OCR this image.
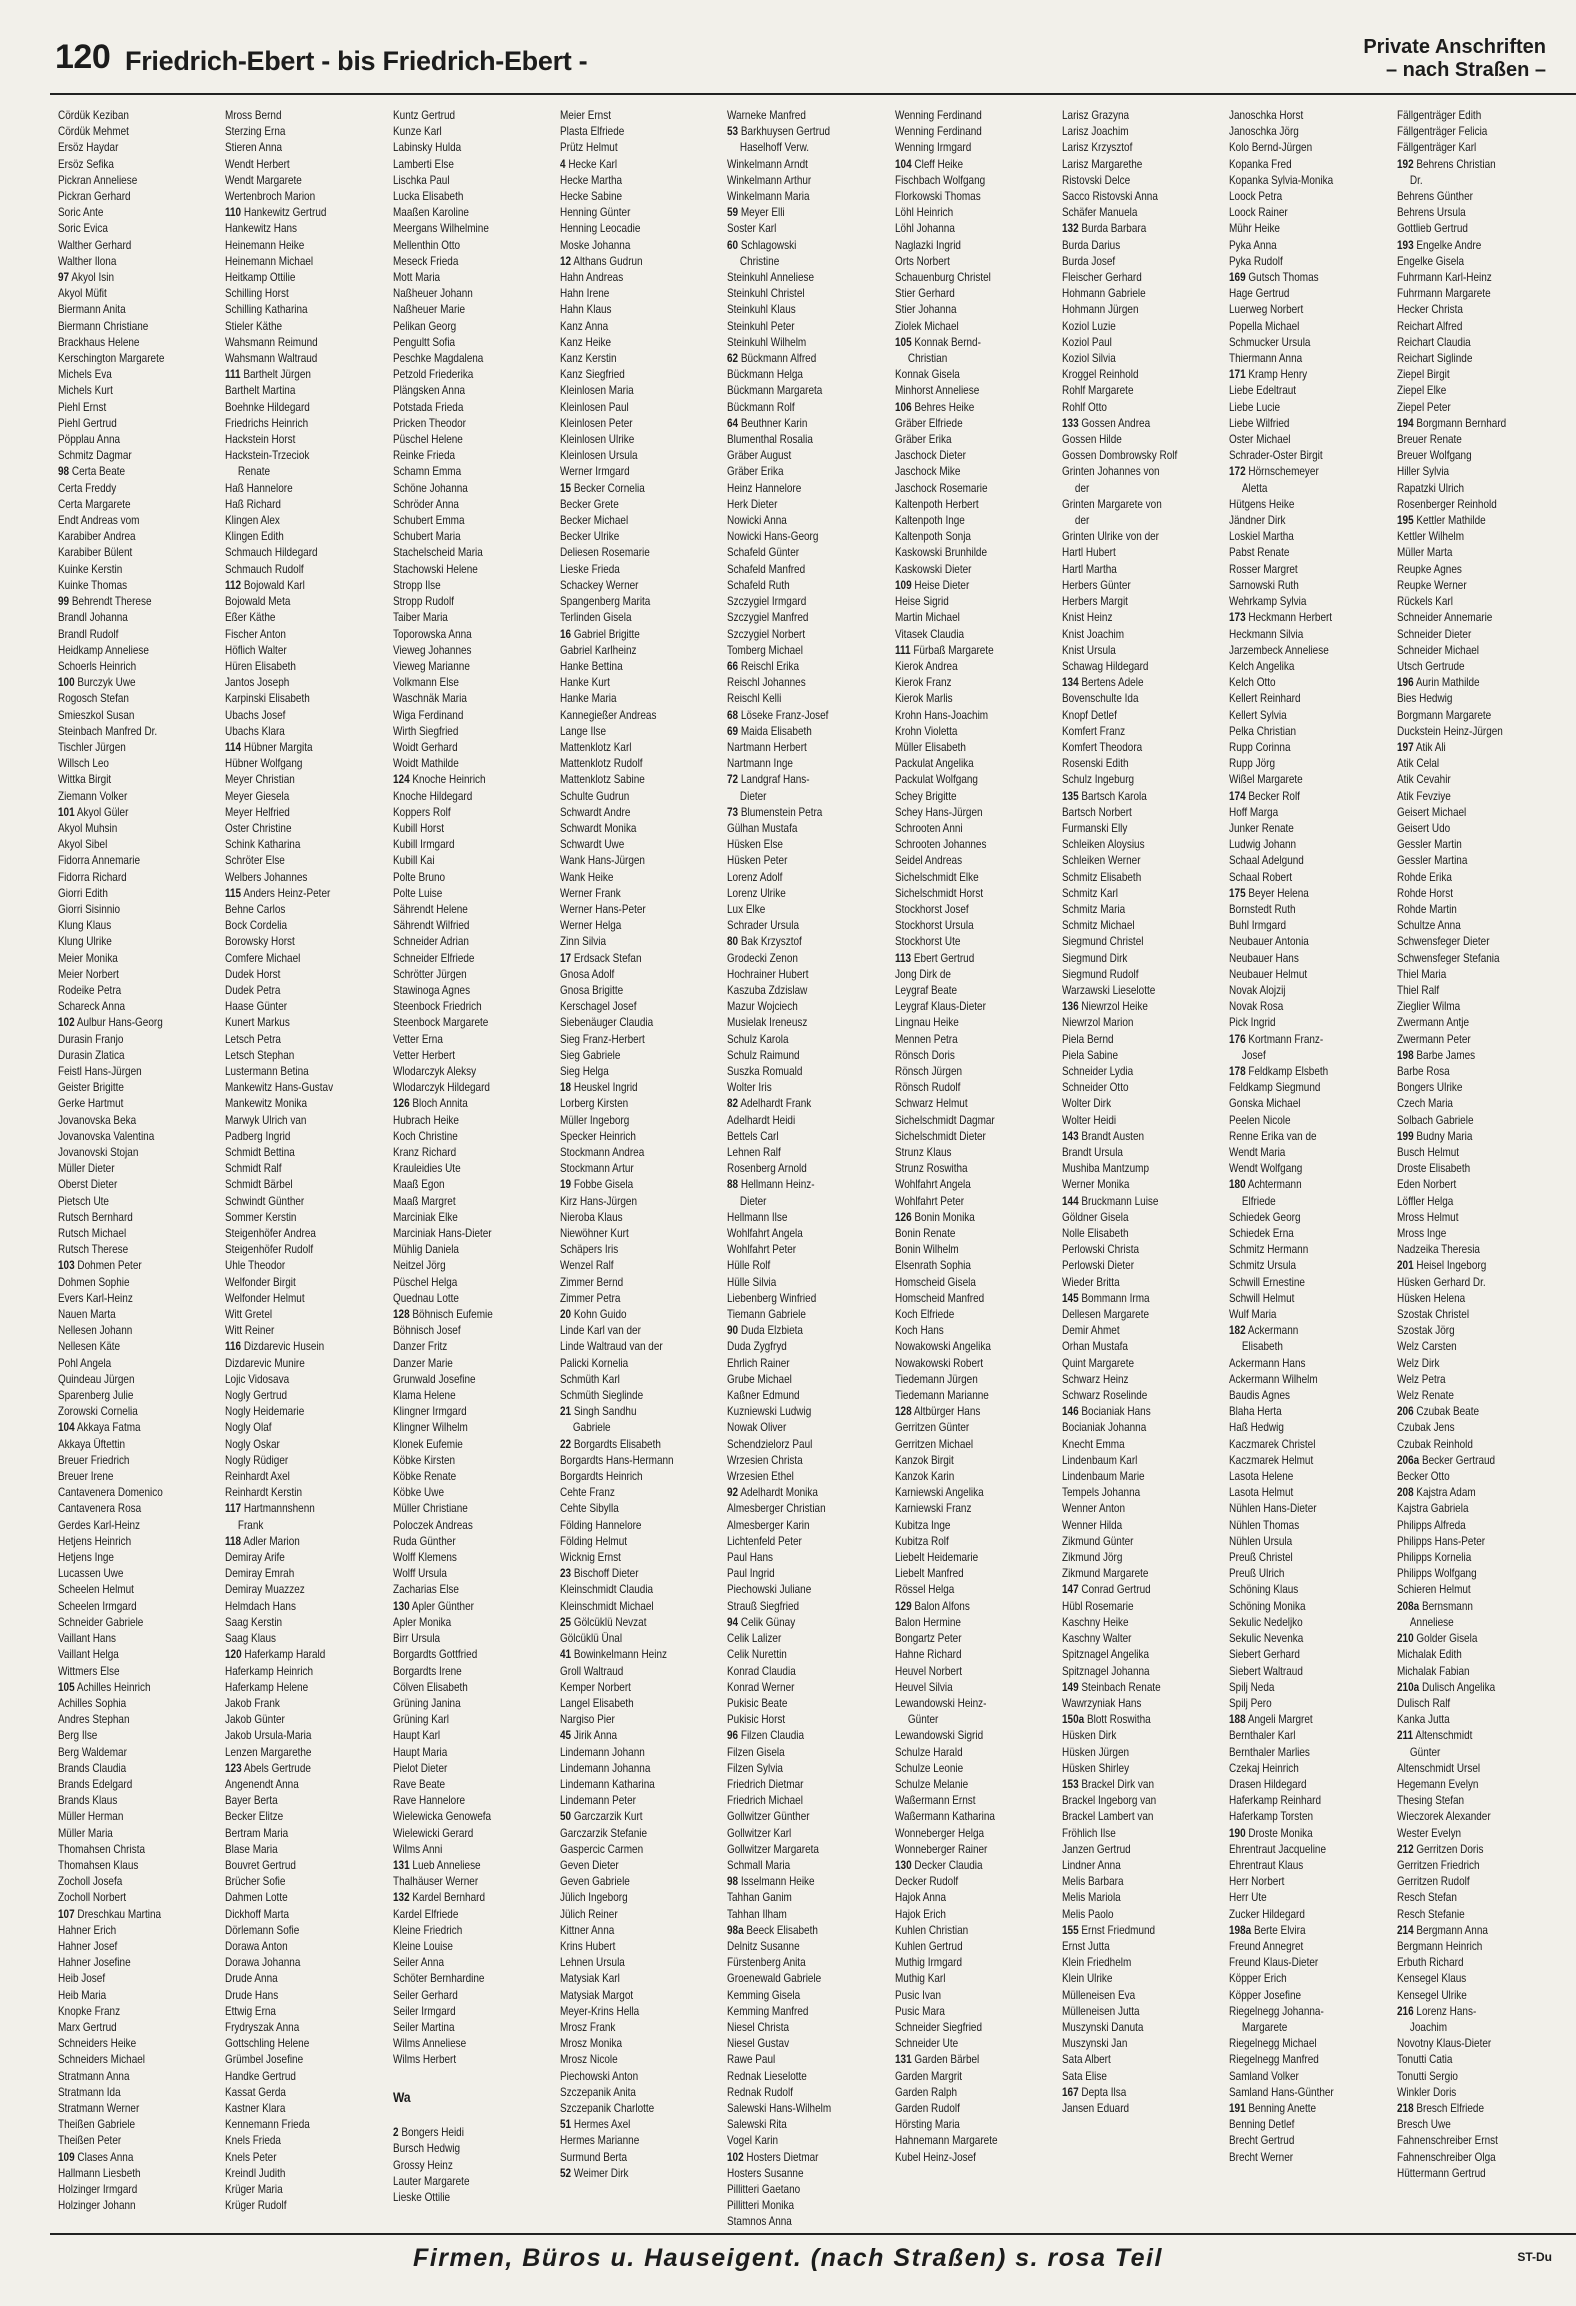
120 Friedrich-Ebert - bis Friedrich-Ebert -	Private Anschriften
– nach Straßen –
Cördük Keziban
Cördük Mehmet
Ersöz Haydar
Ersöz Sefika
Pickran Anneliese
Pickran Gerhard
Soric Ante
Soric Evica
Walther Gerhard
Walther Ilona
97 Akyol Isin
Akyol Müfit
Biermann Anita
Biermann Christiane
Brackhaus Helene
Kerschington Margarete
Michels Eva
Michels Kurt
Piehl Ernst
Piehl Gertrud
Pöpplau Anna
Schmitz Dagmar
98 Certa Beate
Certa Freddy
Certa Margarete
Endt Andreas vom
Karabiber Andrea
Karabiber Bülent
Kuinke Kerstin
Kuinke Thomas
99 Behrendt Therese
Brandl Johanna
Brandl Rudolf
Heidkamp Anneliese
Schoerls Heinrich
100 Burczyk Uwe
Rogosch Stefan
Smieszkol Susan
Steinbach Manfred Dr.
Tischler Jürgen
Willsch Leo
Wittka Birgit
Ziemann Volker
101 Akyol Güler
Akyol Muhsin
Akyol Sibel
Fidorra Annemarie
Fidorra Richard
Giorri Edith
Giorri Sisinnio
Klung Klaus
Klung Ulrike
Meier Monika
Meier Norbert
Rodeike Petra
Schareck Anna
102 Aulbur Hans-Georg
Durasin Franjo
Durasin Zlatica
Feistl Hans-Jürgen
Geister Brigitte
Gerke Hartmut
Jovanovska Beka
Jovanovska Valentina
Jovanovski Stojan
Müller Dieter
Oberst Dieter
Pietsch Ute
Rutsch Bernhard
Rutsch Michael
Rutsch Therese
103 Dohmen Peter
Dohmen Sophie
Evers Karl-Heinz
Nauen Marta
Nellesen Johann
Nellesen Käte
Pohl Angela
Quindeau Jürgen
Sparenberg Julie
Zorowski Cornelia
104 Akkaya Fatma
Akkaya Üftettin
Breuer Friedrich
Breuer Irene
Cantavenera Domenico
Cantavenera Rosa
Gerdes Karl-Heinz
Hetjens Heinrich
Hetjens Inge
Lucassen Uwe
Scheelen Helmut
Scheelen Irmgard
Schneider Gabriele
Vaillant Hans
Vaillant Helga
Wittmers Else
105 Achilles Heinrich
Achilles Sophia
Andres Stephan
Berg Ilse
Berg Waldemar
Brands Claudia
Brands Edelgard
Brands Klaus
Müller Herman
Müller Maria
Thomahsen Christa
Thomahsen Klaus
Zocholl Josefa
Zocholl Norbert
107 Dreschkau Martina
Hahner Erich
Hahner Josef
Hahner Josefine
Heib Josef
Heib Maria
Knopke Franz
Marx Gertrud
Schneiders Heike
Schneiders Michael
Stratmann Anna
Stratmann Ida
Stratmann Werner
Theißen Gabriele
Theißen Peter
109 Clases Anna
Hallmann Liesbeth
Holzinger Irmgard
Holzinger Johann
Mross Bernd
Sterzing Erna
Stieren Anna
Wendt Herbert
Wendt Margarete
Wertenbroch Marion
110 Hankewitz Gertrud
Hankewitz Hans
Heinemann Heike
Heinemann Michael
Heitkamp Ottilie
Schilling Horst
Schilling Katharina
Stieler Käthe
Wahsmann Reimund
Wahsmann Waltraud
111 Barthelt Jürgen
Barthelt Martina
Boehnke Hildegard
Friedrichs Heinrich
Hackstein Horst
Hackstein-Trzeciok
Renate
Haß Hannelore
Haß Richard
Klingen Alex
Klingen Edith
Schmauch Hildegard
Schmauch Rudolf
112 Bojowald Karl
Bojowald Meta
Eßer Käthe
Fischer Anton
Höflich Walter
Hüren Elisabeth
Jantos Joseph
Karpinski Elisabeth
Ubachs Josef
Ubachs Klara
114 Hübner Margita
Hübner Wolfgang
Meyer Christian
Meyer Giesela
Meyer Helfried
Oster Christine
Schink Katharina
Schröter Else
Welbers Johannes
115 Anders Heinz-Peter
Behne Carlos
Bock Cordelia
Borowsky Horst
Comfere Michael
Dudek Horst
Dudek Petra
Haase Günter
Kunert Markus
Letsch Petra
Letsch Stephan
Lustermann Betina
Mankewitz Hans-Gustav
Mankewitz Monika
Marwyk Ulrich van
Padberg Ingrid
Schmidt Bettina
Schmidt Ralf
Schmidt Bärbel
Schwindt Günther
Sommer Kerstin
Steigenhöfer Andrea
Steigenhöfer Rudolf
Uhle Theodor
Welfonder Birgit
Welfonder Helmut
Witt Gretel
Witt Reiner
116 Dizdarevic Husein
Dizdarevic Munire
Lojic Vidosava
Nogly Gertrud
Nogly Heidemarie
Nogly Olaf
Nogly Oskar
Nogly Rüdiger
Reinhardt Axel
Reinhardt Kerstin
117 Hartmannshenn
Frank
118 Adler Marion
Demiray Arife
Demiray Emrah
Demiray Muazzez
Helmdach Hans
Saag Kerstin
Saag Klaus
120 Haferkamp Harald
Haferkamp Heinrich
Haferkamp Helene
Jakob Frank
Jakob Günter
Jakob Ursula-Maria
Lenzen Margarethe
123 Abels Gertrude
Angenendt Anna
Bayer Berta
Becker Elitze
Bertram Maria
Blase Maria
Bouvret Gertrud
Brücher Sofie
Dahmen Lotte
Dickhoff Marta
Dörlemann Sofie
Dorawa Anton
Dorawa Johanna
Drude Anna
Drude Hans
Ettwig Erna
Frydryszak Anna
Gottschling Helene
Grümbel Josefine
Handke Gertrud
Kassat Gerda
Kastner Klara
Kennemann Frieda
Knels Frieda
Knels Peter
Kreindl Judith
Krüger Maria
Krüger Rudolf
Kuntz Gertrud
Kunze Karl
Labinsky Hulda
Lamberti Else
Lischka Paul
Lucka Elisabeth
Maaßen Karoline
Meergans Wilhelmine
Mellenthin Otto
Meseck Frieda
Mott Maria
Naßheuer Johann
Naßheuer Marie
Pelikan Georg
Pengultt Sofia
Peschke Magdalena
Petzold Friederika
Plängsken Anna
Potstada Frieda
Pricken Theodor
Püschel Helene
Reinke Frieda
Schamn Emma
Schöne Johanna
Schröder Anna
Schubert Emma
Schubert Maria
Stachelscheid Maria
Stachowski Helene
Stropp Ilse
Stropp Rudolf
Taiber Maria
Toporowska Anna
Vieweg Johannes
Vieweg Marianne
Volkmann Else
Waschnäk Maria
Wiga Ferdinand
Wirth Siegfried
Woidt Gerhard
Woidt Mathilde
124 Knoche Heinrich
Knoche Hildegard
Koppers Rolf
Kubill Horst
Kubill Irmgard
Kubill Kai
Polte Bruno
Polte Luise
Sährendt Helene
Sährendt Wilfried
Schneider Adrian
Schneider Elfriede
Schrötter Jürgen
Stawinoga Agnes
Steenbock Friedrich
Steenbock Margarete
Vetter Erna
Vetter Herbert
Wlodarczyk Aleksy
Wlodarczyk Hildegard
126 Bloch Annita
Hubrach Heike
Koch Christine
Kranz Richard
Krauleidies Ute
Maaß Egon
Maaß Margret
Marciniak Elke
Marciniak Hans-Dieter
Mühlig Daniela
Neitzel Jörg
Püschel Helga
Quednau Lotte
128 Böhnisch Eufemie
Böhnisch Josef
Danzer Fritz
Danzer Marie
Grunwald Josefine
Klama Helene
Klingner Irmgard
Klingner Wilhelm
Klonek Eufemie
Köbke Kirsten
Köbke Renate
Köbke Uwe
Müller Christiane
Poloczek Andreas
Ruda Günther
Wolff Klemens
Wolff Ursula
Zacharias Else
130 Apler Günther
Apler Monika
Birr Ursula
Borgardts Gottfried
Borgardts Irene
Cölven Elisabeth
Grüning Janina
Grüning Karl
Haupt Karl
Haupt Maria
Pielot Dieter
Rave Beate
Rave Hannelore
Wielewicka Genowefa
Wielewicki Gerard
Wilms Anni
131 Lueb Anneliese
Thalhäuser Werner
132 Kardel Bernhard
Kardel Elfriede
Kleine Friedrich
Kleine Louise
Seiler Anna
Schöter Bernhardine
Seiler Gerhard
Seiler Irmgard
Seiler Martina
Wilms Anneliese
Wilms Herbert

Wa

2 Bongers Heidi
Bursch Hedwig
Grossy Heinz
Lauter Margarete
Lieske Ottilie
Meier Ernst
Plasta Elfriede
Prütz Helmut
4 Hecke Karl
Hecke Martha
Hecke Sabine
Henning Günter
Henning Leocadie
Moske Johanna
12 Althans Gudrun
Hahn Andreas
Hahn Irene
Hahn Klaus
Kanz Anna
Kanz Heike
Kanz Kerstin
Kanz Siegfried
Kleinlosen Maria
Kleinlosen Paul
Kleinlosen Peter
Kleinlosen Ulrike
Kleinlosen Ursula
Werner Irmgard
15 Becker Cornelia
Becker Grete
Becker Michael
Becker Ulrike
Deliesen Rosemarie
Lieske Frieda
Schackey Werner
Spangenberg Marita
Terlinden Gisela
16 Gabriel Brigitte
Gabriel Karlheinz
Hanke Bettina
Hanke Kurt
Hanke Maria
Kannegießer Andreas
Lange Ilse
Mattenklotz Karl
Mattenklotz Rudolf
Mattenklotz Sabine
Schulte Gudrun
Schwardt Andre
Schwardt Monika
Schwardt Uwe
Wank Hans-Jürgen
Wank Heike
Werner Frank
Werner Hans-Peter
Werner Helga
Zinn Silvia
17 Erdsack Stefan
Gnosa Adolf
Gnosa Brigitte
Kerschagel Josef
Siebenäuger Claudia
Sieg Franz-Herbert
Sieg Gabriele
Sieg Helga
18 Heuskel Ingrid
Lorberg Kirsten
Müller Ingeborg
Specker Heinrich
Stockmann Andrea
Stockmann Artur
19 Fobbe Gisela
Kirz Hans-Jürgen
Nieroba Klaus
Niewöhner Kurt
Schäpers Iris
Wenzel Ralf
Zimmer Bernd
Zimmer Petra
20 Kohn Guido
Linde Karl van der
Linde Waltraud van der
Palicki Kornelia
Schmüth Karl
Schmüth Sieglinde
21 Singh Sandhu
Gabriele
22 Borgardts Elisabeth
Borgardts Hans-Hermann
Borgardts Heinrich
Cehte Franz
Cehte Sibylla
Földing Hannelore
Földing Helmut
Wicknig Ernst
23 Bischoff Dieter
Kleinschmidt Claudia
Kleinschmidt Michael
25 Gölcüklü Nevzat
Gölcüklü Ünal
41 Bowinkelmann Heinz
Groll Waltraud
Kemper Norbert
Langel Elisabeth
Nargiso Pier
45 Jirik Anna
Lindemann Johann
Lindemann Johanna
Lindemann Katharina
Lindemann Peter
50 Garczarzik Kurt
Garczarzik Stefanie
Gaspercic Carmen
Geven Dieter
Geven Gabriele
Jülich Ingeborg
Jülich Reiner
Kittner Anna
Krins Hubert
Lehnen Ursula
Matysiak Karl
Matysiak Margot
Meyer-Krins Hella
Mrosz Frank
Mrosz Monika
Mrosz Nicole
Piechowski Anton
Szczepanik Anita
Szczepanik Charlotte
51 Hermes Axel
Hermes Marianne
Surmund Berta
52 Weimer Dirk
Warneke Manfred
53 Barkhuysen Gertrud
Haselhoff Verw.
Winkelmann Arndt
Winkelmann Arthur
Winkelmann Maria
59 Meyer Elli
Soster Karl
60 Schlagowski
Christine
Steinkuhl Anneliese
Steinkuhl Christel
Steinkuhl Klaus
Steinkuhl Peter
Steinkuhl Wilhelm
62 Bückmann Alfred
Bückmann Helga
Bückmann Margareta
Bückmann Rolf
64 Beuthner Karin
Blumenthal Rosalia
Gräber August
Gräber Erika
Heinz Hannelore
Herk Dieter
Nowicki Anna
Nowicki Hans-Georg
Schafeld Günter
Schafeld Manfred
Schafeld Ruth
Szczygiel Irmgard
Szczygiel Manfred
Szczygiel Norbert
Tomberg Michael
66 Reischl Erika
Reischl Johannes
Reischl Kelli
68 Löseke Franz-Josef
69 Maida Elisabeth
Nartmann Herbert
Nartmann Inge
72 Landgraf Hans-
Dieter
73 Blumenstein Petra
Gülhan Mustafa
Hüsken Else
Hüsken Peter
Lorenz Adolf
Lorenz Ulrike
Lux Elke
Schrader Ursula
80 Bak Krzysztof
Grodecki Zenon
Hochrainer Hubert
Kaszuba Zdzislaw
Mazur Wojciech
Musielak Ireneusz
Schulz Karola
Schulz Raimund
Suszka Romuald
Wolter Iris
82 Adelhardt Frank
Adelhardt Heidi
Bettels Carl
Lehnen Ralf
Rosenberg Arnold
88 Hellmann Heinz-
Dieter
Hellmann Ilse
Wohlfahrt Angela
Wohlfahrt Peter
Hülle Rolf
Hülle Silvia
Liebenberg Winfried
Tiemann Gabriele
90 Duda Elzbieta
Duda Zygfryd
Ehrlich Rainer
Grube Michael
Kaßner Edmund
Kuzniewski Ludwig
Nowak Oliver
Schendzielorz Paul
Wrzesien Christa
Wrzesien Ethel
92 Adelhardt Monika
Almesberger Christian
Almesberger Karin
Lichtenfeld Peter
Paul Hans
Paul Ingrid
Piechowski Juliane
Strauß Siegfried
94 Celik Günay
Celik Lalizer
Celik Nurettin
Konrad Claudia
Konrad Werner
Pukisic Beate
Pukisic Horst
96 Filzen Claudia
Filzen Gisela
Filzen Sylvia
Friedrich Dietmar
Friedrich Michael
Gollwitzer Günther
Gollwitzer Karl
Gollwitzer Margareta
Schmall Maria
98 Isselmann Heike
Tahhan Ganim
Tahhan Ilham
98a Beeck Elisabeth
Delnitz Susanne
Fürstenberg Anita
Groenewald Gabriele
Kemming Gisela
Kemming Manfred
Niesel Christa
Niesel Gustav
Rawe Paul
Rednak Lieselotte
Rednak Rudolf
Salewski Hans-Wilhelm
Salewski Rita
Vogel Karin
102 Hosters Dietmar
Hosters Susanne
Pillitteri Gaetano
Pillitteri Monika
Stamnos Anna
Wenning Ferdinand
Wenning Ferdinand
Wenning Irmgard
104 Cleff Heike
Fischbach Wolfgang
Florkowski Thomas
Löhl Heinrich
Löhl Johanna
Naglazki Ingrid
Orts Norbert
Schauenburg Christel
Stier Gerhard
Stier Johanna
Ziolek Michael
105 Konnak Bernd-
Christian
Konnak Gisela
Minhorst Anneliese
106 Behres Heike
Gräber Elfriede
Gräber Erika
Jaschock Dieter
Jaschock Mike
Jaschock Rosemarie
Kaltenpoth Herbert
Kaltenpoth Inge
Kaltenpoth Sonja
Kaskowski Brunhilde
Kaskowski Dieter
109 Heise Dieter
Heise Sigrid
Martin Michael
Vitasek Claudia
111 Fürbaß Margarete
Kierok Andrea
Kierok Franz
Kierok Marlis
Krohn Hans-Joachim
Krohn Violetta
Müller Elisabeth
Packulat Angelika
Packulat Wolfgang
Schey Brigitte
Schey Hans-Jürgen
Schrooten Anni
Schrooten Johannes
Seidel Andreas
Sichelschmidt Elke
Sichelschmidt Horst
Stockhorst Josef
Stockhorst Ursula
Stockhorst Ute
113 Ebert Gertrud
Jong Dirk de
Leygraf Beate
Leygraf Klaus-Dieter
Lingnau Heike
Mennen Petra
Rönsch Doris
Rönsch Jürgen
Rönsch Rudolf
Schwarz Helmut
Sichelschmidt Dagmar
Sichelschmidt Dieter
Strunz Klaus
Strunz Roswitha
Wohlfahrt Angela
Wohlfahrt Peter
126 Bonin Monika
Bonin Renate
Bonin Wilhelm
Elsenrath Sophia
Homscheid Gisela
Homscheid Manfred
Koch Elfriede
Koch Hans
Nowakowski Angelika
Nowakowski Robert
Tiedemann Jürgen
Tiedemann Marianne
128 Altbürger Hans
Gerritzen Günter
Gerritzen Michael
Kanzok Birgit
Kanzok Karin
Karniewski Angelika
Karniewski Franz
Kubitza Inge
Kubitza Rolf
Liebelt Heidemarie
Liebelt Manfred
Rössel Helga
129 Balon Alfons
Balon Hermine
Bongartz Peter
Hahne Richard
Heuvel Norbert
Heuvel Silvia
Lewandowski Heinz-
Günter
Lewandowski Sigrid
Schulze Harald
Schulze Leonie
Schulze Melanie
Waßermann Ernst
Waßermann Katharina
Wonneberger Helga
Wonneberger Rainer
130 Decker Claudia
Decker Rudolf
Hajok Anna
Hajok Erich
Kuhlen Christian
Kuhlen Gertrud
Muthig Irmgard
Muthig Karl
Pusic Ivan
Pusic Mara
Schneider Siegfried
Schneider Ute
131 Garden Bärbel
Garden Margrit
Garden Ralph
Garden Rudolf
Hörsting Maria
Hahnemann Margarete
Kubel Heinz-Josef
Larisz Grazyna
Larisz Joachim
Larisz Krzysztof
Larisz Margarethe
Ristovski Delce
Sacco Ristovski Anna
Schäfer Manuela
132 Burda Barbara
Burda Darius
Burda Josef
Fleischer Gerhard
Hohmann Gabriele
Hohmann Jürgen
Koziol Luzie
Koziol Paul
Koziol Silvia
Kroggel Reinhold
Rohlf Margarete
Rohlf Otto
133 Gossen Andrea
Gossen Hilde
Gossen Dombrowsky Rolf
Grinten Johannes von
der
Grinten Margarete von
der
Grinten Ulrike von der
Hartl Hubert
Hartl Martha
Herbers Günter
Herbers Margit
Knist Heinz
Knist Joachim
Knist Ursula
Schawag Hildegard
134 Bertens Adele
Bovenschulte Ida
Knopf Detlef
Komfert Franz
Komfert Theodora
Rosenski Edith
Schulz Ingeburg
135 Bartsch Karola
Bartsch Norbert
Furmanski Elly
Schleiken Aloysius
Schleiken Werner
Schmitz Elisabeth
Schmitz Karl
Schmitz Maria
Schmitz Michael
Siegmund Christel
Siegmund Dirk
Siegmund Rudolf
Warzawski Lieselotte
136 Niewrzol Heike
Niewrzol Marion
Piela Bernd
Piela Sabine
Schneider Lydia
Schneider Otto
Wolter Dirk
Wolter Heidi
143 Brandt Austen
Brandt Ursula
Mushiba Mantzump
Werner Monika
144 Bruckmann Luise
Göldner Gisela
Nolle Elisabeth
Perlowski Christa
Perlowski Dieter
Wieder Britta
145 Bommann Irma
Dellesen Margarete
Demir Ahmet
Orhan Mustafa
Quint Margarete
Schwarz Heinz
Schwarz Roselinde
146 Bocianiak Hans
Bocianiak Johanna
Knecht Emma
Lindenbaum Karl
Lindenbaum Marie
Tempels Johanna
Wenner Anton
Wenner Hilda
Zikmund Günter
Zikmund Jörg
Zikmund Margarete
147 Conrad Gertrud
Hübl Rosemarie
Kaschny Heike
Kaschny Walter
Spitznagel Angelika
Spitznagel Johanna
149 Steinbach Renate
Wawrzyniak Hans
150a Blott Roswitha
Hüsken Dirk
Hüsken Jürgen
Hüsken Shirley
153 Brackel Dirk van
Brackel Ingeborg van
Brackel Lambert van
Fröhlich Ilse
Janzen Gertrud
Lindner Anna
Melis Barbara
Melis Mariola
Melis Paolo
155 Ernst Friedmund
Ernst Jutta
Klein Friedhelm
Klein Ulrike
Mülleneisen Eva
Mülleneisen Jutta
Muszynski Danuta
Muszynski Jan
Sata Albert
Sata Elise
167 Depta Ilsa
Jansen Eduard
Janoschka Horst
Janoschka Jörg
Kolo Bernd-Jürgen
Kopanka Fred
Kopanka Sylvia-Monika
Loock Petra
Loock Rainer
Mühr Heike
Pyka Anna
Pyka Rudolf
169 Gutsch Thomas
Hage Gertrud
Luerweg Norbert
Popella Michael
Schmucker Ursula
Thiermann Anna
171 Kramp Henry
Liebe Edeltraut
Liebe Lucie
Liebe Wilfried
Oster Michael
Schrader-Oster Birgit
172 Hörnschemeyer
Aletta
Hütgens Heike
Jändner Dirk
Loskiel Martha
Pabst Renate
Rosser Margret
Sarnowski Ruth
Wehrkamp Sylvia
173 Heckmann Herbert
Heckmann Silvia
Jarzembeck Anneliese
Kelch Angelika
Kelch Otto
Kellert Reinhard
Kellert Sylvia
Pelka Christian
Rupp Corinna
Rupp Jörg
Wißel Margarete
174 Becker Rolf
Hoff Marga
Junker Renate
Ludwig Johann
Schaal Adelgund
Schaal Robert
175 Beyer Helena
Bornstedt Ruth
Buhl Irmgard
Neubauer Antonia
Neubauer Hans
Neubauer Helmut
Novak Alojzij
Novak Rosa
Pick Ingrid
176 Kortmann Franz-
Josef
178 Feldkamp Elsbeth
Feldkamp Siegmund
Gonska Michael
Peelen Nicole
Renne Erika van de
Wendt Maria
Wendt Wolfgang
180 Achtermann
Elfriede
Schiedek Georg
Schiedek Erna
Schmitz Hermann
Schmitz Ursula
Schwill Ernestine
Schwill Helmut
Wulf Maria
182 Ackermann
Elisabeth
Ackermann Hans
Ackermann Wilhelm
Baudis Agnes
Blaha Herta
Haß Hedwig
Kaczmarek Christel
Kaczmarek Helmut
Lasota Helene
Lasota Helmut
Nühlen Hans-Dieter
Nühlen Thomas
Nühlen Ursula
Preuß Christel
Preuß Ulrich
Schöning Klaus
Schöning Monika
Sekulic Nedeljko
Sekulic Nevenka
Siebert Gerhard
Siebert Waltraud
Spilj Neda
Spilj Pero
188 Angeli Margret
Bernthaler Karl
Bernthaler Marlies
Czekaj Heinrich
Drasen Hildegard
Haferkamp Reinhard
Haferkamp Torsten
190 Droste Monika
Ehrentraut Jacqueline
Ehrentraut Klaus
Herr Norbert
Herr Ute
Zucker Hildegard
198a Berte Elvira
Freund Annegret
Freund Klaus-Dieter
Köpper Erich
Köpper Josefine
Riegelnegg Johanna-
Margarete
Riegelnegg Michael
Riegelnegg Manfred
Samland Volker
Samland Hans-Günther
191 Benning Anette
Benning Detlef
Brecht Gertrud
Brecht Werner
Fällgenträger Edith
Fällgenträger Felicia
Fällgenträger Karl
192 Behrens Christian
Dr.
Behrens Günther
Behrens Ursula
Gottlieb Gertrud
193 Engelke Andre
Engelke Gisela
Fuhrmann Karl-Heinz
Fuhrmann Margarete
Hecker Christa
Reichart Alfred
Reichart Claudia
Reichart Siglinde
Ziepel Birgit
Ziepel Elke
Ziepel Peter
194 Borgmann Bernhard
Breuer Renate
Breuer Wolfgang
Hiller Sylvia
Rapatzki Ulrich
Rosenberger Reinhold
195 Kettler Mathilde
Kettler Wilhelm
Müller Marta
Reupke Agnes
Reupke Werner
Rückels Karl
Schneider Annemarie
Schneider Dieter
Schneider Michael
Utsch Gertrude
196 Aurin Mathilde
Bies Hedwig
Borgmann Margarete
Duckstein Heinz-Jürgen
197 Atik Ali
Atik Celal
Atik Cevahir
Atik Fevziye
Geisert Michael
Geisert Udo
Gessler Martin
Gessler Martina
Rohde Erika
Rohde Horst
Rohde Martin
Schultze Anna
Schwensfeger Dieter
Schwensfeger Stefania
Thiel Maria
Thiel Ralf
Zieglier Wilma
Zwermann Antje
Zwermann Peter
198 Barbe James
Barbe Rosa
Bongers Ulrike
Czech Maria
Solbach Gabriele
199 Budny Maria
Busch Helmut
Droste Elisabeth
Eden Norbert
Löffler Helga
Mross Helmut
Mross Inge
Nadzeika Theresia
201 Heisel Ingeborg
Hüsken Gerhard Dr.
Hüsken Helena
Szostak Christel
Szostak Jörg
Welz Carsten
Welz Dirk
Welz Petra
Welz Renate
206 Czubak Beate
Czubak Jens
Czubak Reinhold
206a Becker Gertraud
Becker Otto
208 Kajstra Adam
Kajstra Gabriela
Philipps Alfreda
Philipps Hans-Peter
Philipps Kornelia
Philipps Wolfgang
Schieren Helmut
208a Bernsmann
Anneliese
210 Golder Gisela
Michalak Edith
Michalak Fabian
210a Dulisch Angelika
Dulisch Ralf
Kanka Jutta
211 Altenschmidt
Günter
Altenschmidt Ursel
Hegemann Evelyn
Thesing Stefan
Wieczorek Alexander
Wester Evelyn
212 Gerritzen Doris
Gerritzen Friedrich
Gerritzen Rudolf
Resch Stefan
Resch Stefanie
214 Bergmann Anna
Bergmann Heinrich
Erbuth Richard
Kensegel Klaus
Kensegel Ulrike
216 Lorenz Hans-
Joachim
Novotny Klaus-Dieter
Tonutti Catia
Tonutti Sergio
Winkler Doris
218 Bresch Elfriede
Bresch Uwe
Fahnenschreiber Ernst
Fahnenschreiber Olga
Hüttermann Gertrud
Firmen, Büros u. Hauseigent. (nach Straßen) s. rosa Teil	ST-Du
